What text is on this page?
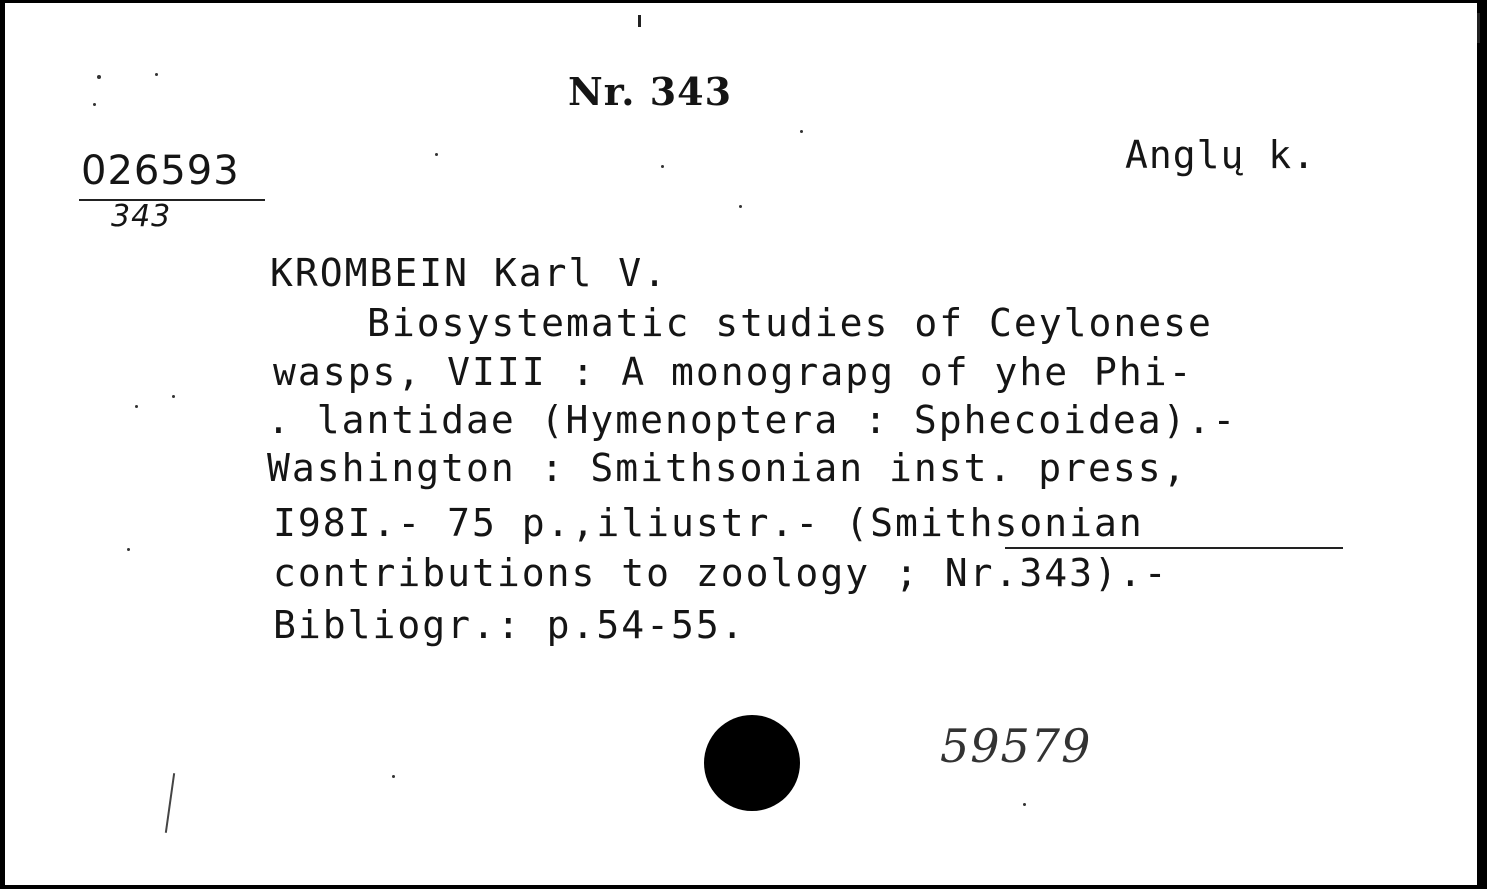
Nr. 343
Anglų k.
026593
343
KROMBEIN Karl V.
Biosystematic studies of Ceylonese
wasps, VIII : A monograpg of yhe Phi-
. lantidae (Hymenoptera : Sphecoidea).-
Washington : Smithsonian inst. press,
I98I.- 75 p.,iliustr.- (Smithsonian
contributions to zoology ; Nr.343).-
Bibliogr.: p.54-55.
59579
